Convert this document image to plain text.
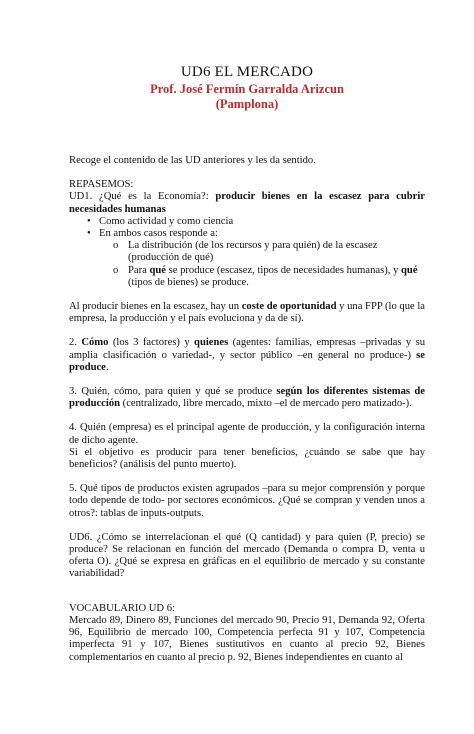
UD6 EL MERCADO
Prof. José Fermín Garralda Arizcun
(Pamplona)

Recoge el contenido de las UD anteriores y les da sentido.

REPASEMOS:

UD1. ¿Qué es la Economía?: producir bienes en la escasez para cubrir necesidades humanas

• Como actividad y como ciencia
• En ambos casos responde a:
o La distribución (de los recursos y para quién) de la escasez (producción de qué)
o Para qué se produce (escasez, tipos de necesidades humanas), y qué (tipos de bienes) se produce.

Al producir bienes en la escasez, hay un coste de oportunidad y una FPP (lo que la empresa, la producción y el país evoluciona y da de sí).

2. Cómo (los 3 factores) y quienes (agentes: familias, empresas –privadas y su amplia clasificación o variedad-, y sector público –en general no produce-) se produce.

3. Quién, cómo, para quien y qué se produce según los diferentes sistemas de producción (centralizado, libre mercado, mixto –el de mercado pero matizado-).

4. Quién (empresa) es el principal agente de producción, y la configuración interna de dicho agente.

Si el objetivo es producir para tener beneficios, ¿cuándo se sabe que hay beneficios? (análisis del punto muerto).

5. Qué tipos de productos existen agrupados –para su mejor comprensión y porque todo depende de todo- por sectores económicos. ¿Qué se compran y venden unos a otros?: tablas de inputs-outputs.

UD6. ¿Cómo se interrelacionan el qué (Q cantidad) y para quien (P, precio) se produce? Se relacionan en función del mercado (Demanda o compra D, venta u oferta O). ¿Qué se expresa en gráficas en el equilibrio de mercado y su constante variabilidad?

VOCABULARIO UD 6:

Mercado 89, Dinero 89, Funciones del mercado 90, Precio 91, Demanda 92, Oferta 96, Equilibrio de mercado 100, Competencia perfecta 91 y 107, Competencia imperfecta 91 y 107, Bienes sustitutivos en cuanto al precio 92, Bienes complementarios en cuanto al precio p. 92, Bienes independientes en cuanto al
